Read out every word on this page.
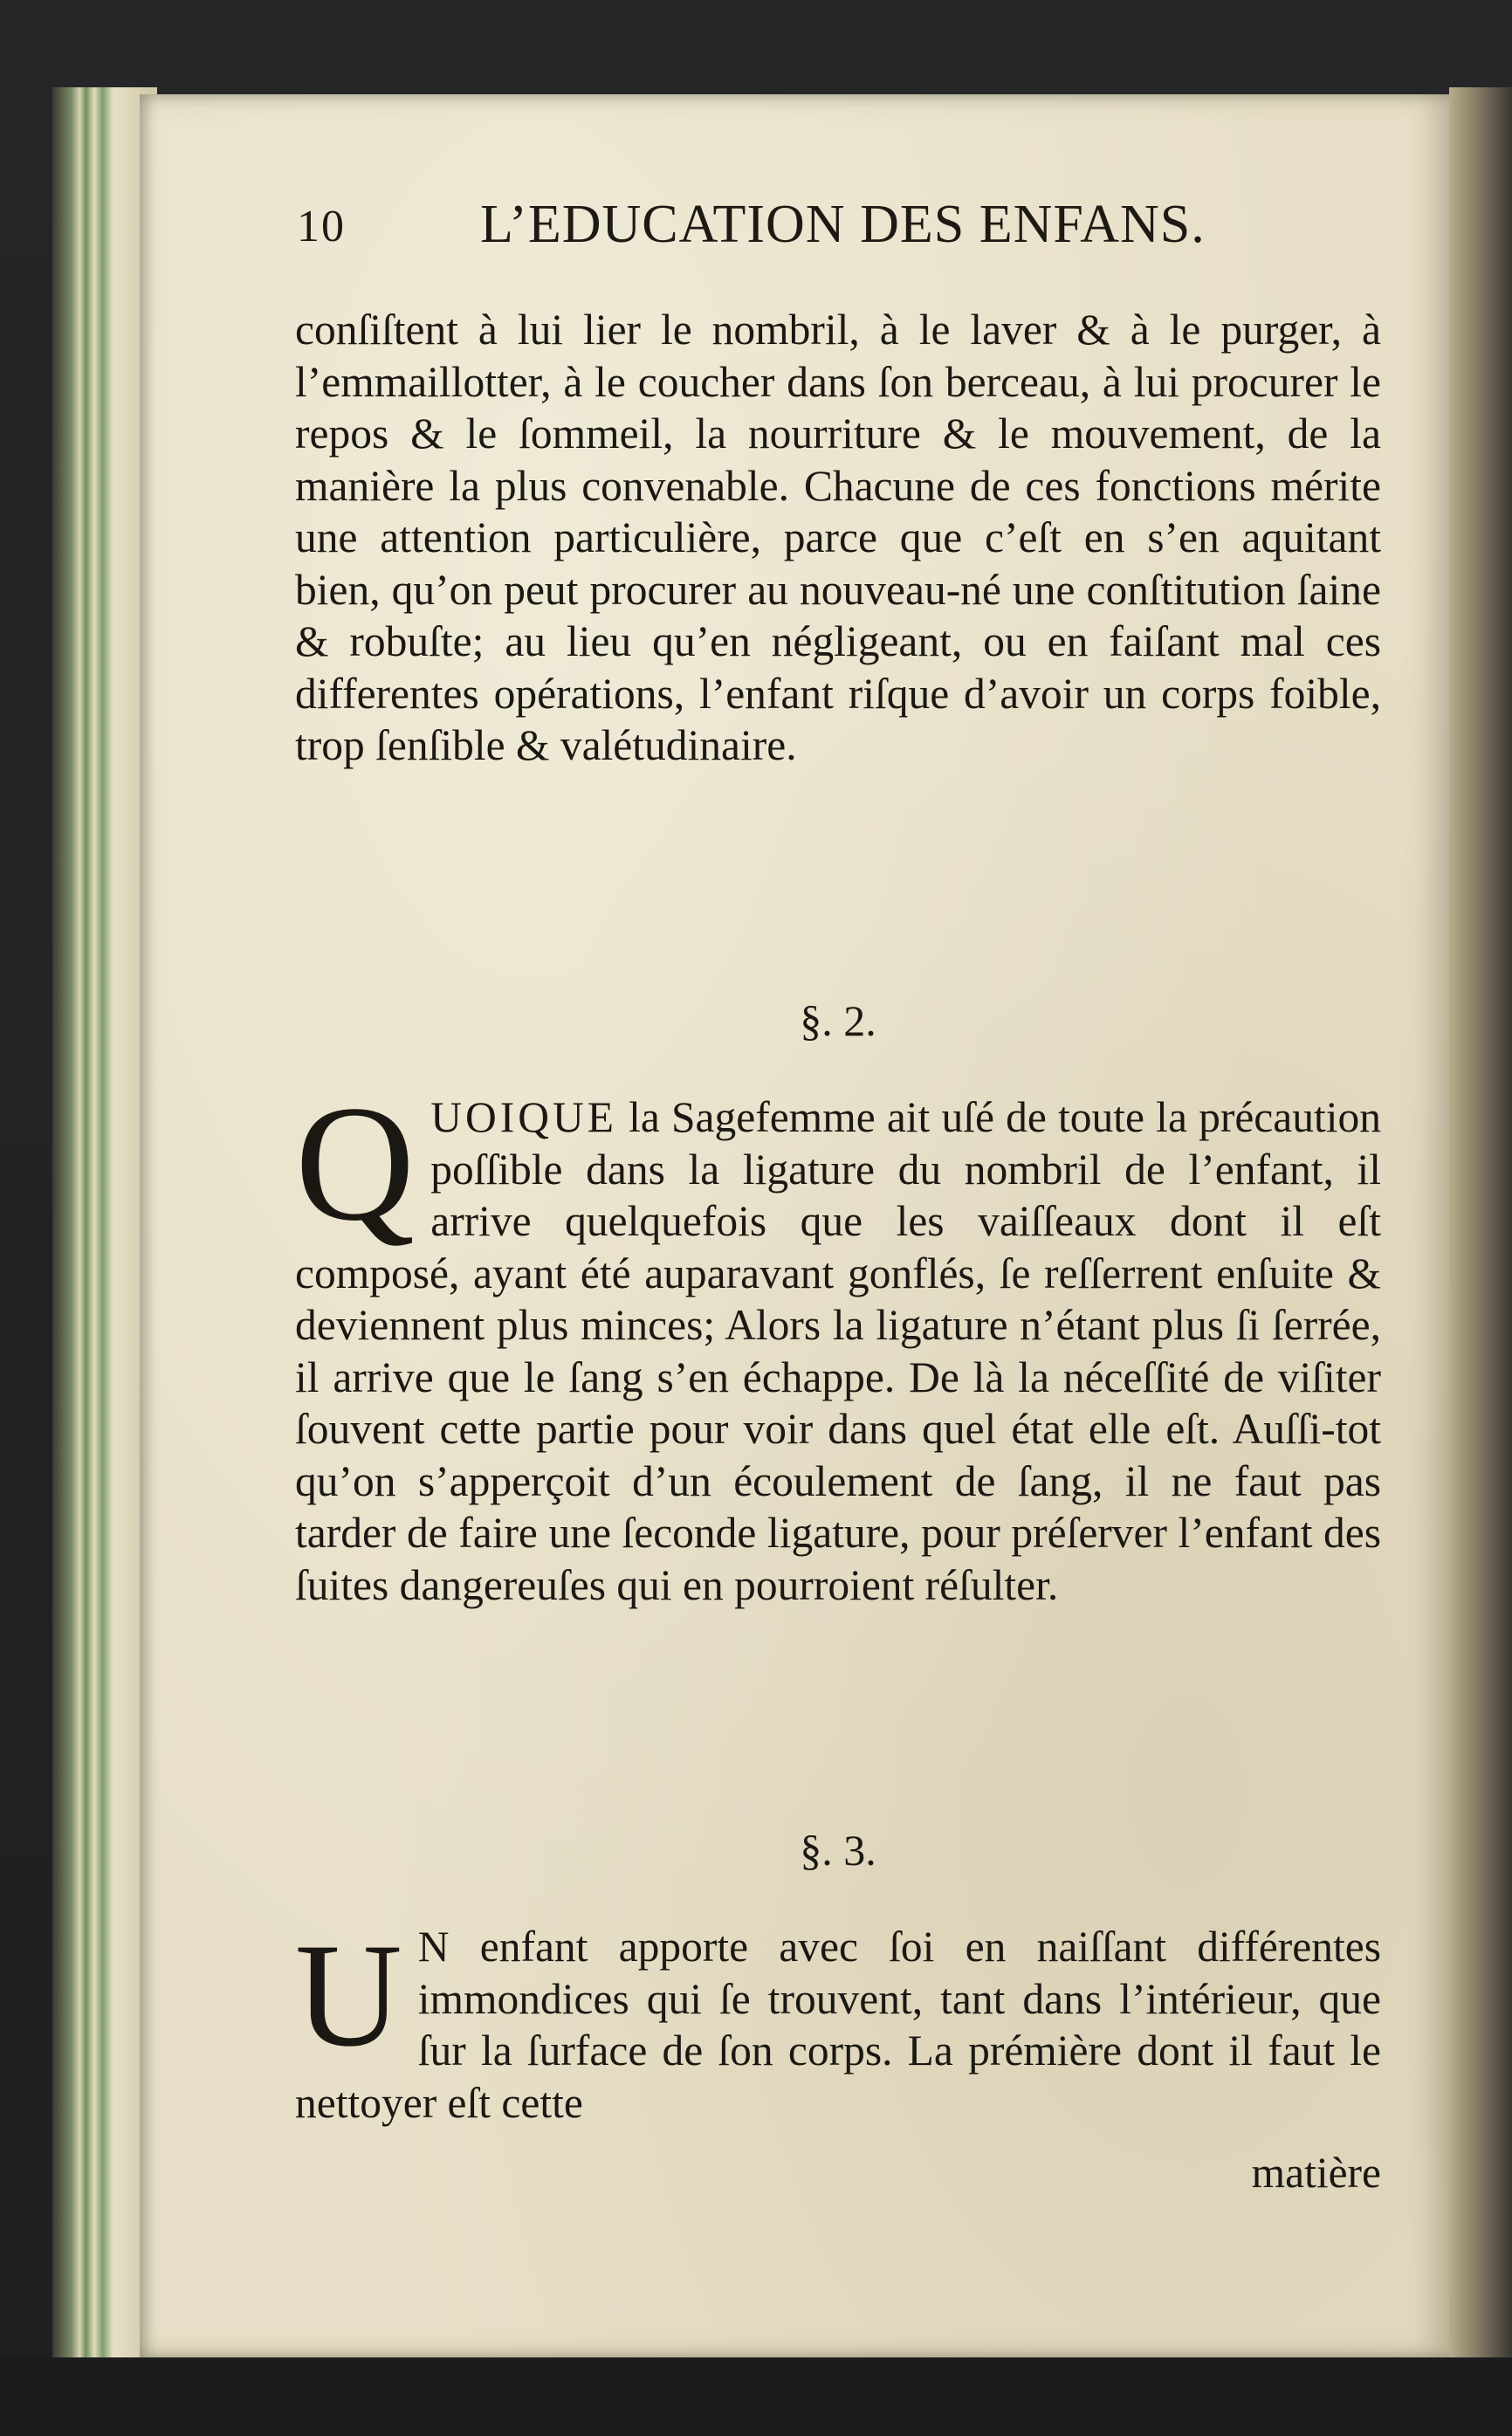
10 L’EDUCATION DES ENFANS.

conſiſtent à lui lier le nombril, à le laver & à le purger, à l’emmaillotter, à le coucher dans ſon berceau, à lui procurer le repos & le ſommeil, la nourriture & le mouvement, de la manière la plus convenable. Chacune de ces fonctions mérite une attention particulière, parce que c’eſt en s’en aquitant bien, qu’on peut procurer au nouveau-né une conſtitution ſaine & robuſte; au lieu qu’en négligeant, ou en faiſant mal ces differentes opérations, l’enfant riſque d’avoir un corps foible, trop ſenſible & valétudinaire.

§. 2.

QUOIQUE la Sagefemme ait uſé de toute la précaution poſſible dans la ligature du nombril de l’enfant, il arrive quelquefois que les vaiſſeaux dont il eſt composé, ayant été auparavant gonflés, ſe reſſerrent enſuite & deviennent plus minces; Alors la ligature n’étant plus ſi ſerrée, il arrive que le ſang s’en échappe. De là la néceſſité de viſiter ſouvent cette partie pour voir dans quel état elle eſt. Auſſi-tot qu’on s’apperçoit d’un écoulement de ſang, il ne faut pas tarder de faire une ſeconde ligature, pour préſerver l’enfant des ſuites dangereuſes qui en pourroient réſulter.

§. 3.

U N enfant apporte avec ſoi en naiſſant différentes immondices qui ſe trouvent, tant dans l’intérieur, que ſur la ſurface de ſon corps. La prémière dont il faut le nettoyer eſt cette

matière
